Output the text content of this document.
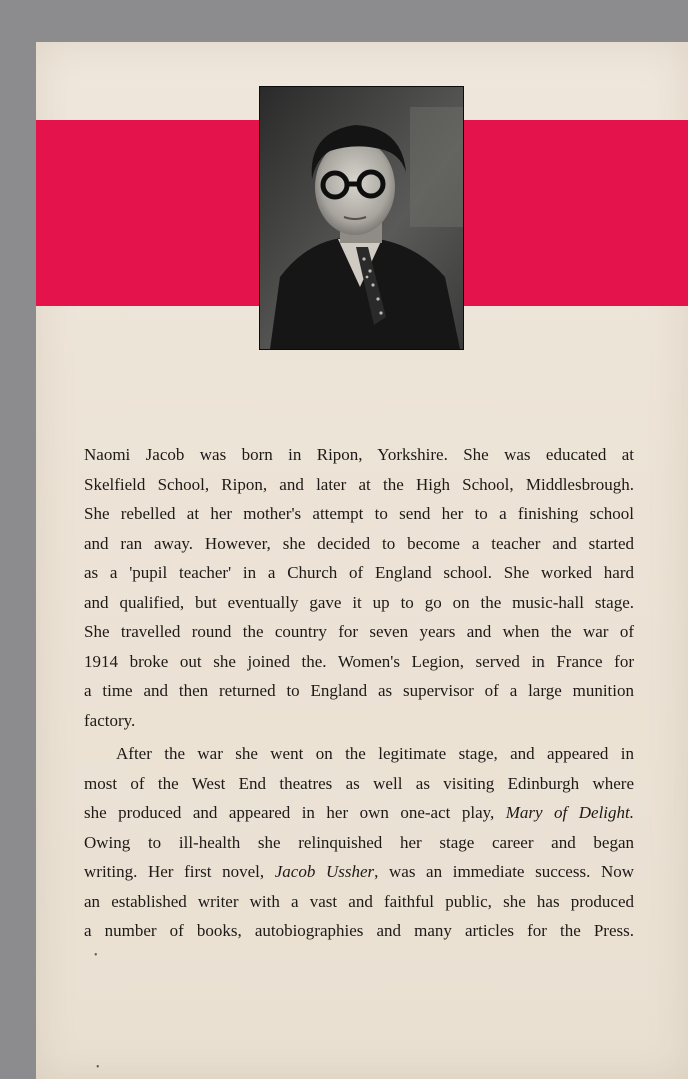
Naomi Jacob was born in Ripon, Yorkshire. She was educated at
Skelfield School, Ripon, and later at the High School, Middlesbrough.
She rebelled at her mother's attempt to send her to a finishing school
and ran away. However, she decided to become a teacher and started
as a 'pupil teacher' in a Church of England school. She worked hard
and qualified, but eventually gave it up to go on the music-hall stage.
She travelled round the country for seven years and when the war of
1914 broke out she joined the. Women's Legion, served in France for
a time and then returned to England as supervisor of a large munition
factory.
After the war she went on the legitimate stage, and appeared in
most of the West End theatres as well as visiting Edinburgh where
she produced and appeared in her own one-act play, Mary of Delight.
Owing to ill-health she relinquished her stage career and began
writing. Her first novel, Jacob Ussher, was an immediate success. Now
an established writer with a vast and faithful public, she has produced
a number of books, autobiographies and many articles for the Press.
•
•
